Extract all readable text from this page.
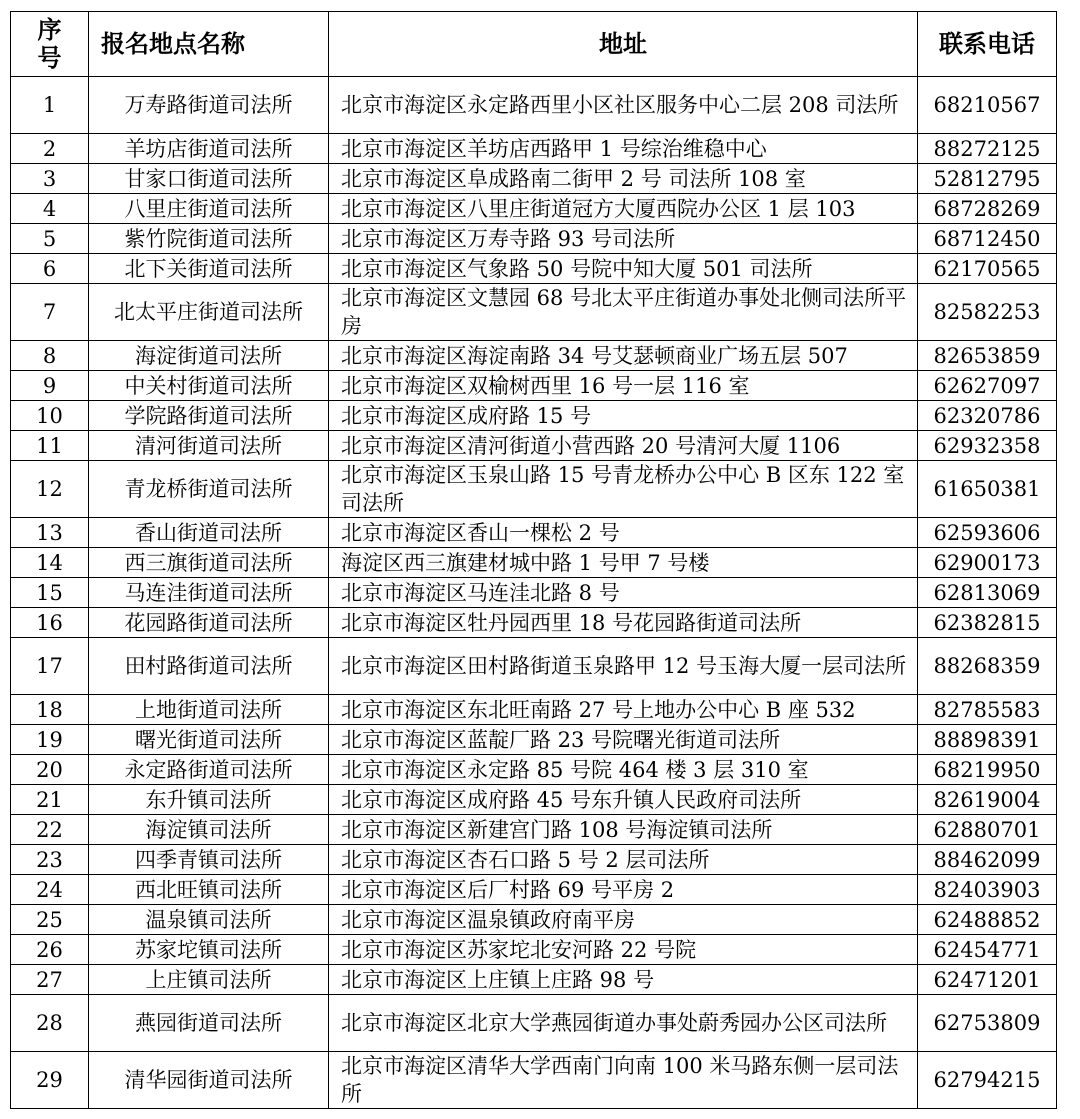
序号	报名地点名称	地址	联系电话
1	万寿路街道司法所	北京市海淀区永定路西里小区社区服务中心二层 208 司法所	68210567
2	羊坊店街道司法所	北京市海淀区羊坊店西路甲 1 号综治维稳中心	88272125
3	甘家口街道司法所	北京市海淀区阜成路南二街甲 2 号 司法所 108 室	52812795
4	八里庄街道司法所	北京市海淀区八里庄街道冠方大厦西院办公区 1 层 103	68728269
5	紫竹院街道司法所	北京市海淀区万寿寺路 93 号司法所	68712450
6	北下关街道司法所	北京市海淀区气象路 50 号院中知大厦 501 司法所	62170565
7	北太平庄街道司法所	北京市海淀区文慧园 68 号北太平庄街道办事处北侧司法所平房	82582253
8	海淀街道司法所	北京市海淀区海淀南路 34 号艾瑟顿商业广场五层 507	82653859
9	中关村街道司法所	北京市海淀区双榆树西里 16 号一层 116 室	62627097
10	学院路街道司法所	北京市海淀区成府路 15 号	62320786
11	清河街道司法所	北京市海淀区清河街道小营西路 20 号清河大厦 1106	62932358
12	青龙桥街道司法所	北京市海淀区玉泉山路 15 号青龙桥办公中心 B 区东 122 室司法所	61650381
13	香山街道司法所	北京市海淀区香山一棵松 2 号	62593606
14	西三旗街道司法所	海淀区西三旗建材城中路 1 号甲 7 号楼	62900173
15	马连洼街道司法所	北京市海淀区马连洼北路 8 号	62813069
16	花园路街道司法所	北京市海淀区牡丹园西里 18 号花园路街道司法所	62382815
17	田村路街道司法所	北京市海淀区田村路街道玉泉路甲 12 号玉海大厦一层司法所	88268359
18	上地街道司法所	北京市海淀区东北旺南路 27 号上地办公中心 B 座 532	82785583
19	曙光街道司法所	北京市海淀区蓝靛厂路 23 号院曙光街道司法所	88898391
20	永定路街道司法所	北京市海淀区永定路 85 号院 464 楼 3 层 310 室	68219950
21	东升镇司法所	北京市海淀区成府路 45 号东升镇人民政府司法所	82619004
22	海淀镇司法所	北京市海淀区新建宫门路 108 号海淀镇司法所	62880701
23	四季青镇司法所	北京市海淀区杏石口路 5 号 2 层司法所	88462099
24	西北旺镇司法所	北京市海淀区后厂村路 69 号平房 2	82403903
25	温泉镇司法所	北京市海淀区温泉镇政府南平房	62488852
26	苏家坨镇司法所	北京市海淀区苏家坨北安河路 22 号院	62454771
27	上庄镇司法所	北京市海淀区上庄镇上庄路 98 号	62471201
28	燕园街道司法所	北京市海淀区北京大学燕园街道办事处蔚秀园办公区司法所	62753809
29	清华园街道司法所	北京市海淀区清华大学西南门向南 100 米马路东侧一层司法所	62794215
